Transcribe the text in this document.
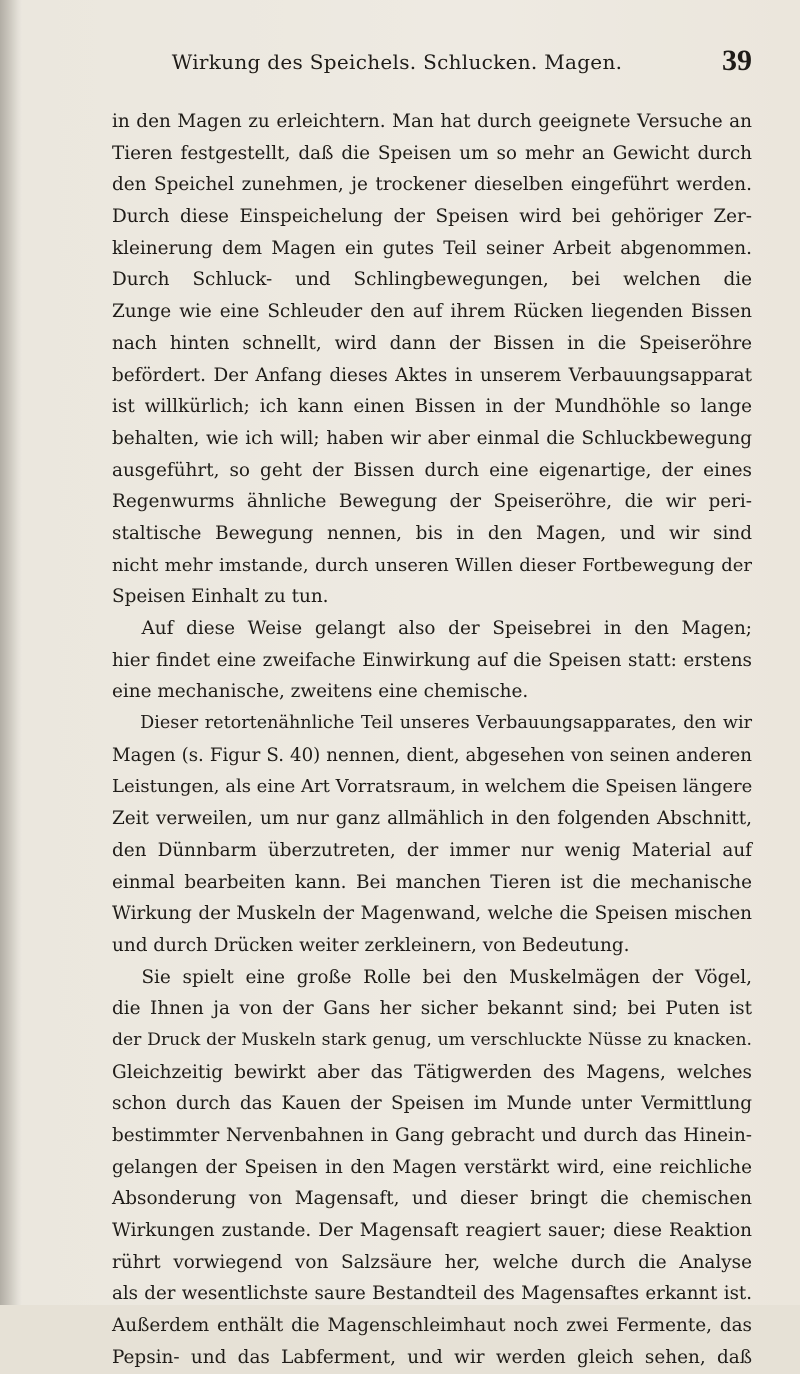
Wirkung des Speichels. Schlucken. Magen.	39
in den Magen zu erleichtern. Man hat durch geeignete Versuche an
Tieren festgestellt, daß die Speisen um so mehr an Gewicht durch
den Speichel zunehmen, je trockener dieselben eingeführt werden.
Durch diese Einspeichelung der Speisen wird bei gehöriger Zer-
kleinerung dem Magen ein gutes Teil seiner Arbeit abgenommen.
Durch Schluck- und Schlingbewegungen, bei welchen die
Zunge wie eine Schleuder den auf ihrem Rücken liegenden Bissen
nach hinten schnellt, wird dann der Bissen in die Speiseröhre
befördert. Der Anfang dieses Aktes in unserem Verbauungsapparat
ist willkürlich; ich kann einen Bissen in der Mundhöhle so lange
behalten, wie ich will; haben wir aber einmal die Schluckbewegung
ausgeführt, so geht der Bissen durch eine eigenartige, der eines
Regenwurms ähnliche Bewegung der Speiseröhre, die wir peri-
staltische Bewegung nennen, bis in den Magen, und wir sind
nicht mehr imstande, durch unseren Willen dieser Fortbewegung der
Speisen Einhalt zu tun.
Auf diese Weise gelangt also der Speisebrei in den Magen;
hier findet eine zweifache Einwirkung auf die Speisen statt: erstens
eine mechanische, zweitens eine chemische.
Dieser retortenähnliche Teil unseres Verbauungsapparates, den wir
Magen (s. Figur S. 40) nennen, dient, abgesehen von seinen anderen
Leistungen, als eine Art Vorratsraum, in welchem die Speisen längere
Zeit verweilen, um nur ganz allmählich in den folgenden Abschnitt,
den Dünnbarm überzutreten, der immer nur wenig Material auf
einmal bearbeiten kann. Bei manchen Tieren ist die mechanische
Wirkung der Muskeln der Magenwand, welche die Speisen mischen
und durch Drücken weiter zerkleinern, von Bedeutung.
Sie spielt eine große Rolle bei den Muskelmägen der Vögel,
die Ihnen ja von der Gans her sicher bekannt sind; bei Puten ist
der Druck der Muskeln stark genug, um verschluckte Nüsse zu knacken.
Gleichzeitig bewirkt aber das Tätigwerden des Magens, welches
schon durch das Kauen der Speisen im Munde unter Vermittlung
bestimmter Nervenbahnen in Gang gebracht und durch das Hinein-
gelangen der Speisen in den Magen verstärkt wird, eine reichliche
Absonderung von Magensaft, und dieser bringt die chemischen
Wirkungen zustande. Der Magensaft reagiert sauer; diese Reaktion
rührt vorwiegend von Salzsäure her, welche durch die Analyse
als der wesentlichste saure Bestandteil des Magensaftes erkannt ist.
Außerdem enthält die Magenschleimhaut noch zwei Fermente, das
Pepsin- und das Labferment, und wir werden gleich sehen, daß
